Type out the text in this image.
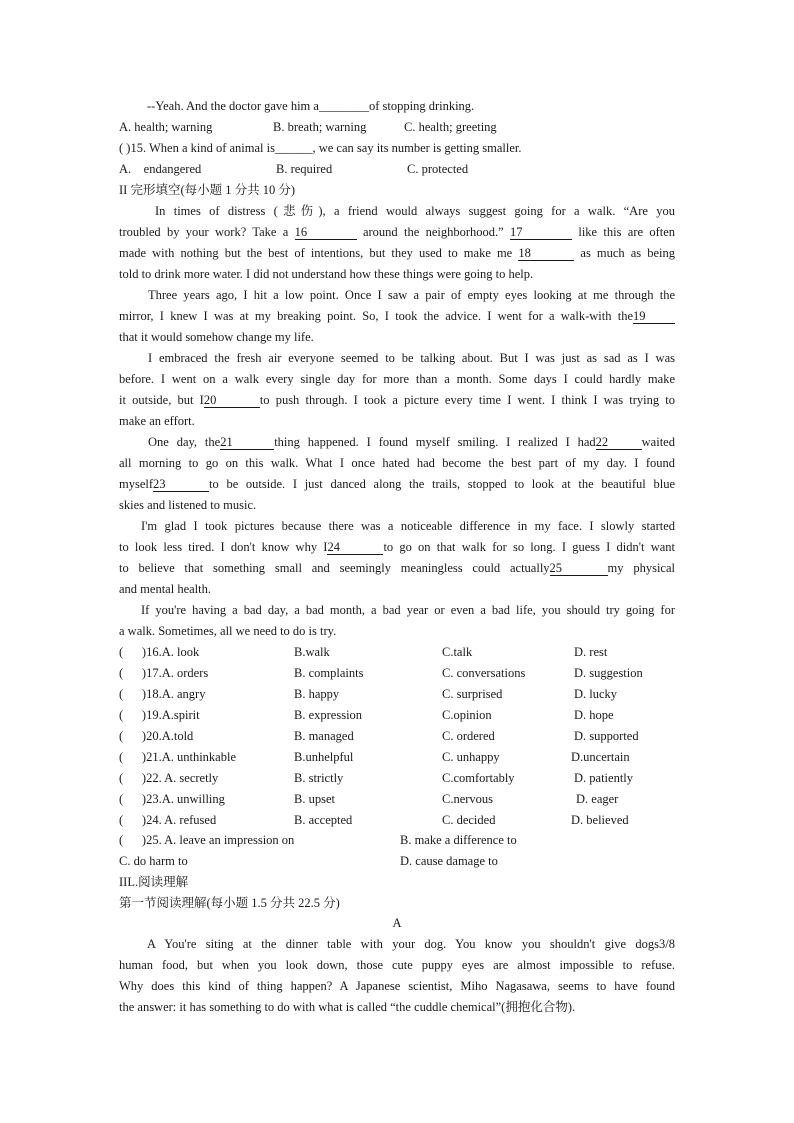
--Yeah. And the doctor gave him a________of stopping drinking.
A. health; warning	B. breath; warning	C. health; greeting
( )15. When a kind of animal is______, we can say its number is getting smaller.
A.    endangered	B. required	C. protected
II 完形填空(每小题 1 分共 10 分)
In times of distress (悲伤), a friend would always suggest going for a walk. “Are you
troubled by your work? Take a 16	around the neighborhood.” 17	like this are often
made with nothing but the best of intentions, but they used to make me 18	as much as being
told to drink more water. I did not understand how these things were going to help.
Three years ago, I hit a low point. Once I saw a pair of empty eyes looking at me through the
mirror, I knew I was at my breaking point. So, I took the advice. I went for a walk-with the19
that it would somehow change my life.
I embraced the fresh air everyone seemed to be talking about. But I was just as sad as I was
before. I went on a walk every single day for more than a month. Some days I could hardly make
it outside, but I20	to push through. I took a picture every time I went. I think I was trying to
make an effort.
One day, the21	thing happened. I found myself smiling. I realized I had22	waited
all morning to go on this walk. What I once hated had become the best part of my day. I found
myself23	to be outside. I just danced along the trails, stopped to look at the beautiful blue
skies and listened to music.
I'm glad I took pictures because there was a noticeable difference in my face. I slowly started
to look less tired. I don't know why I24	to go on that walk for so long. I guess I didn't want
to believe that something small and seemingly meaningless could actually25	my physical
and mental health.
If you're having a bad day, a bad month, a bad year or even a bad life, you should try going for
a walk. Sometimes, all we need to do is try.
(      )16.A. look	B.walk	C.talk	D. rest
(      )17.A. orders	B. complaints	C. conversations	D. suggestion
(      )18.A. angry	B. happy	C. surprised	D. lucky
(      )19.A.spirit	B. expression	C.opinion	D. hope
(      )20.A.told	B. managed	C. ordered	D. supported
(      )21.A. unthinkable	B.unhelpful	C. unhappy	D.uncertain
(      )22. A. secretly	B. strictly	C.comfortably	D. patiently
(      )23.A. unwilling	B. upset	C.nervous	D. eager
(      )24. A. refused	B. accepted	C. decided	D. believed
(      )25. A. leave an impression on	B. make a difference to
C. do harm to	D. cause damage to
IIL.阅读理解
第一节阅读理解(每小题 1.5 分共 22.5 分)
A
A You're siting at the dinner table with your dog. You know you shouldn't give dogs3/8
human food, but when you look down, those cute puppy eyes are almost impossible to refuse.
Why does this kind of thing happen? A Japanese scientist, Miho Nagasawa, seems to have found
the answer: it has something to do with what is called “the cuddle chemical”(拥抱化合物).
